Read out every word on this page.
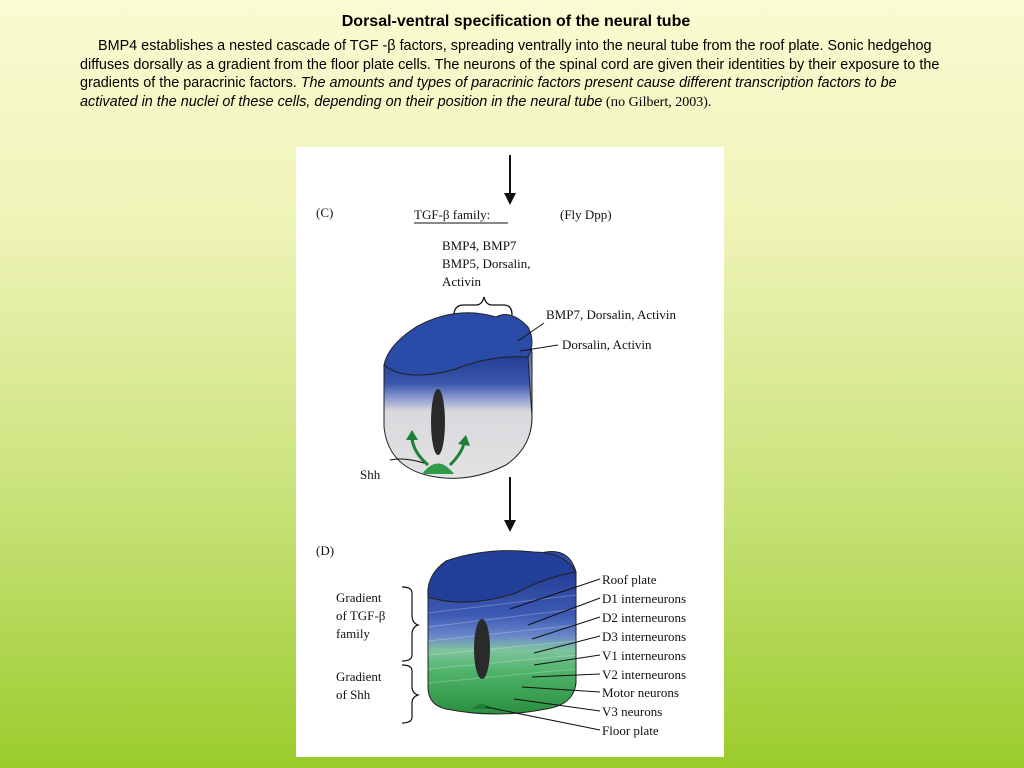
Dorsal-ventral specification of the neural tube
BMP4 establishes a nested cascade of TGF -β factors, spreading ventrally into the neural tube from the roof plate. Sonic hedgehog diffuses dorsally as a gradient from the floor plate cells. The neurons of the spinal cord are given their identities by their exposure to the gradients of the paracrinic factors. The amounts and types of paracrinic factors present cause different transcription factors to be activated in the nuclei of these cells, depending on their position in the neural tube (по Gilbert, 2003).
(C)	TGF-β family:	(Fly Dpp)
BMP4, BMP7
BMP5, Dorsalin,
Activin
BMP7, Dorsalin, Activin
Dorsalin, Activin
Shh
(D)
Gradient
of TGF-β
family
Gradient
of Shh
Roof plate
D1 interneurons
D2 interneurons
D3 interneurons
V1 interneurons
V2 interneurons
Motor neurons
V3 neurons
Floor plate
